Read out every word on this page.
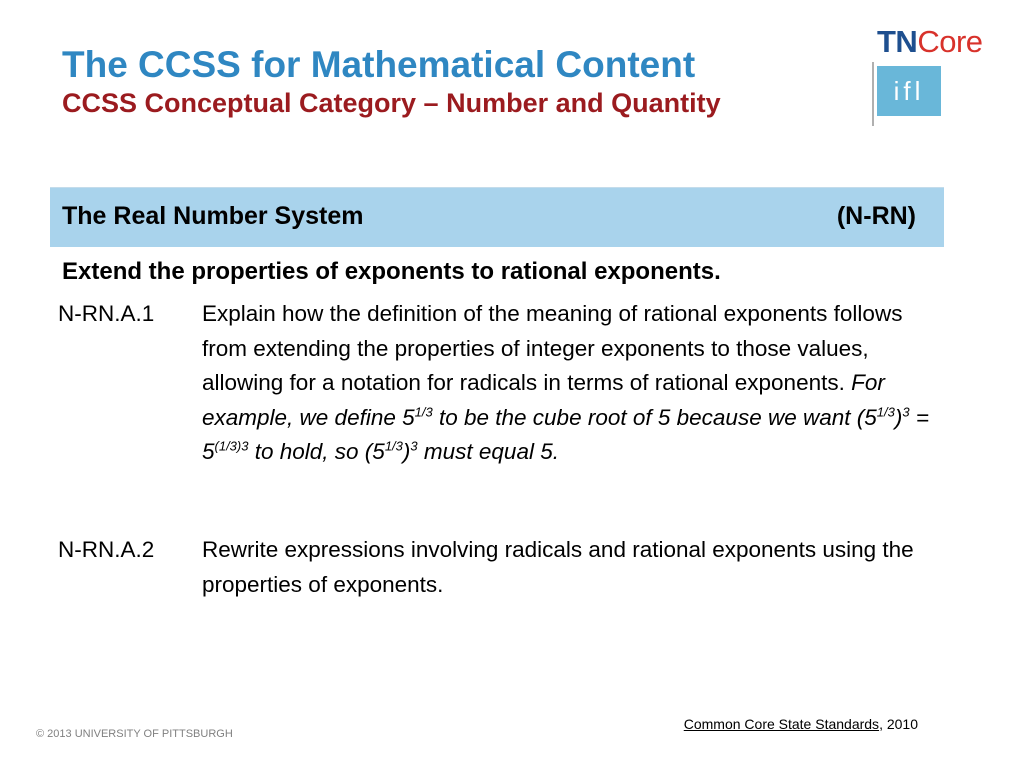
The CCSS for Mathematical Content
CCSS Conceptual Category – Number and Quantity
TNCore
ifl
The Real Number System	(N-RN)
Extend the properties of exponents to rational exponents.
N-RN.A.1 Explain how the definition of the meaning of rational exponents follows from extending the properties of integer exponents to those values, allowing for a notation for radicals in terms of rational exponents. For example, we define $5^{1/3}$ to be the cube root of 5 because we want $(5^{1/3})^3 = 5^{(1/3)3}$ to hold, so $(5^{1/3})^3$ must equal 5.
N-RN.A.2 Rewrite expressions involving radicals and rational exponents using the properties of exponents.
Common Core State Standards, 2010
© 2013 UNIVERSITY OF PITTSBURGH
